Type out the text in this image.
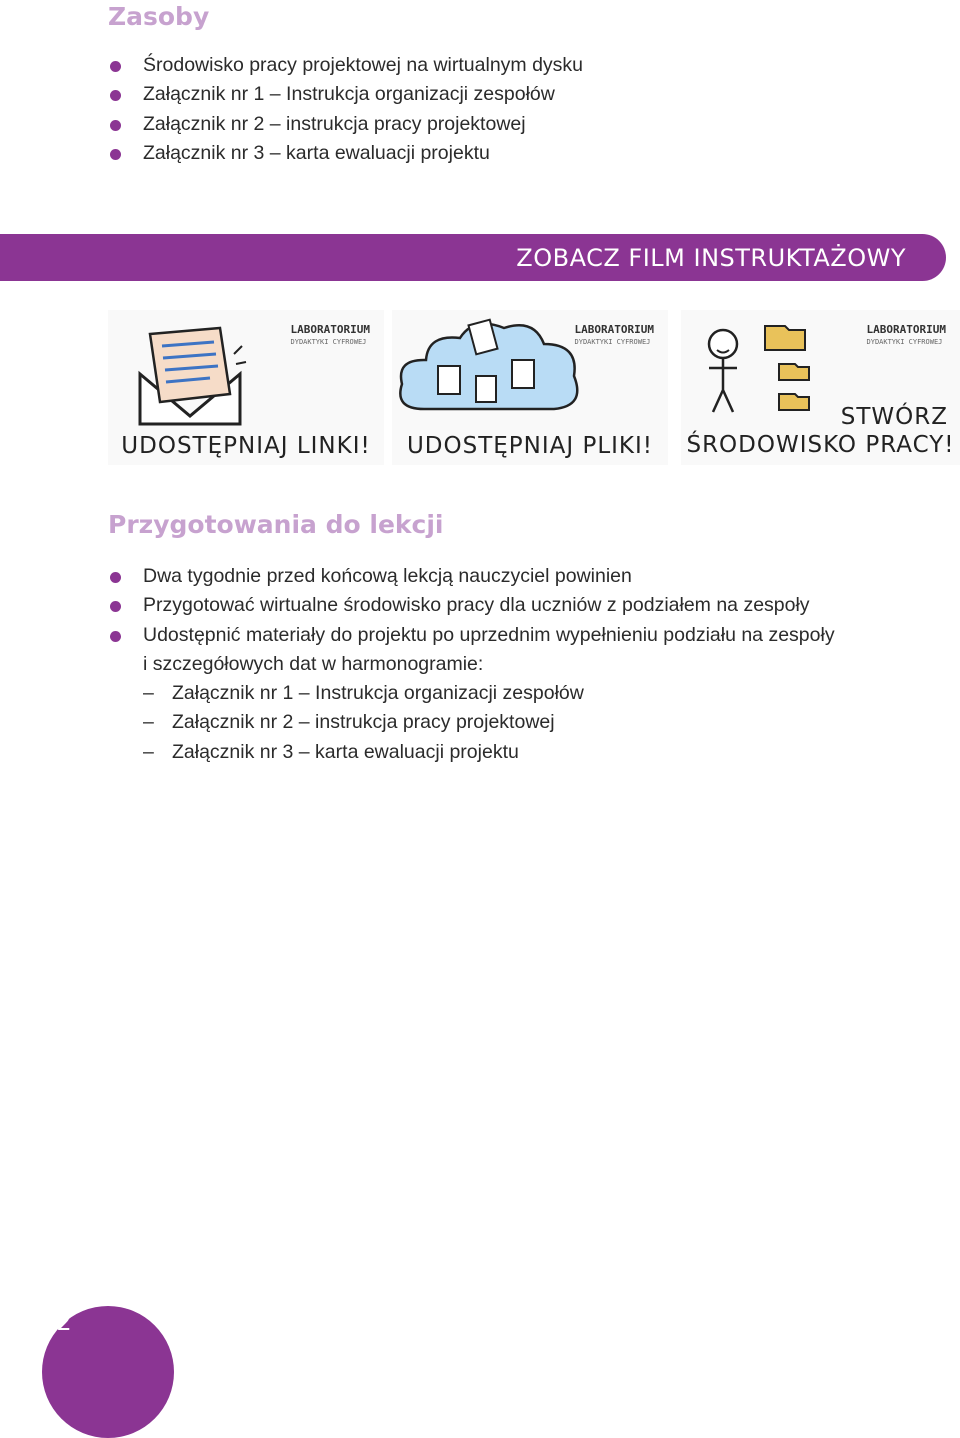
Zasoby
Środowisko pracy projektowej na wirtualnym dysku
Załącznik nr 1 – Instrukcja organizacji zespołów
Załącznik nr 2 – instrukcja pracy projektowej
Załącznik nr 3 – karta ewaluacji projektu
ZOBACZ FILM INSTRUKTAŻOWY
LABORATORIUM
DYDAKTYKI CYFROWEJ
UDOSTĘPNIAJ LINKI!
LABORATORIUM
DYDAKTYKI CYFROWEJ
UDOSTĘPNIAJ PLIKI!
LABORATORIUM
DYDAKTYKI CYFROWEJ
STWÓRZ
ŚRODOWISKO PRACY!
Przygotowania do lekcji
Dwa tygodnie przed końcową lekcją nauczyciel powinien
Przygotować wirtualne środowisko pracy dla uczniów z podziałem na zespoły
Udostępnić materiały do projektu po uprzednim wypełnieniu podziału na zespoły
i szczegółowych dat w harmonogramie:
– Załącznik nr 1 – Instrukcja organizacji zespołów
– Załącznik nr 2 – instrukcja pracy projektowej
– Załącznik nr 3 – karta ewaluacji projektu
2
